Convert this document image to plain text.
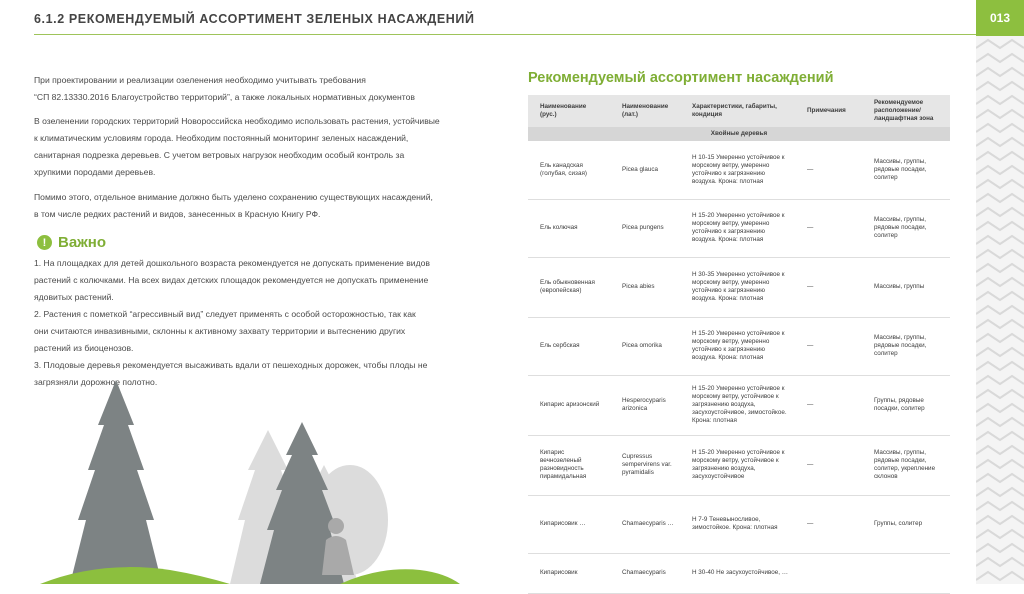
6.1.2 РЕКОМЕНДУЕМЫЙ АССОРТИМЕНТ ЗЕЛЕНЫХ НАСАЖДЕНИЙ	013
При проектировании и реализации озеленения необходимо учитывать требования
“СП 82.13330.2016 Благоустройство территорий”, а также локальных нормативных документов
В озеленении городских территорий Новороссийска необходимо использовать растения, устойчивые
к климатическим условиям города. Необходим постоянный мониторинг зеленых насаждений,
санитарная подрезка деревьев. С учетом ветровых нагрузок необходим особый контроль за
хрупкими породами деревьев.
Помимо этого, отдельное внимание должно быть уделено сохранению существующих насаждений,
в том числе редких растений и видов, занесенных в Красную Книгу РФ.
! Важно
1. На площадках для детей дошкольного возраста рекомендуется не допускать применение видов
растений с колючками. На всех видах детских площадок рекомендуется не допускать применение
ядовитых растений.
2. Растения с пометкой “агрессивный вид” следует применять с особой осторожностью, так как
они считаются инвазивными, склонны к активному захвату территории и вытеснению других
растений из биоценозов.
3. Плодовые деревья рекомендуется высаживать вдали от пешеходных дорожек, чтобы плоды не
загрязняли дорожное полотно.
Рекомендуемый ассортимент насаждений
Наименование (рус.)	Наименование (лат.)	Характеристики, габариты, кондиция	Примечания	Рекомендуемое расположение/ ландшафтная зона
Хвойные деревья				
Ель канадская (голубая, сизая)	Picea glauca	Н 10-15 Умеренно устойчивое к морскому ветру, умеренно устойчиво к загрязнению воздуха. Крона: плотная	—	Массивы, группы, рядовые посадки, солитер
Ель колючая	Picea pungens	Н 15-20 Умеренно устойчивое к морскому ветру, умеренно устойчиво к загрязнению воздуха. Крона: плотная	—	Массивы, группы, рядовые посадки, солитер
Ель обыкновенная (европейская)	Picea abies	Н 30-35 Умеренно устойчивое к морскому ветру, умеренно устойчиво к загрязнению воздуха. Крона: плотная	—	Массивы, группы
Ель сербская	Picea omorika	Н 15-20 Умеренно устойчивое к морскому ветру, умеренно устойчиво к загрязнению воздуха. Крона: плотная	—	Массивы, группы, рядовые посадки, солитер
Кипарис аризонский	Hesperocyparis arizonica	Н 15-20 Умеренно устойчивое к морскому ветру, устойчивое к загрязнению воздуха, засухоустойчивое, зимостойкое. Крона: плотная	—	Группы, рядовые посадки, солитер
Кипарис вечнозеленый разновидность пирамидальная	Cupressus sempervirens var. pyramidalis	Н 15-20 Умеренно устойчивое к морскому ветру, устойчивое к загрязнению воздуха, засухоустойчивое	—	Массивы, группы, рядовые посадки, солитер, укрепление склонов
Кипарисовик …	Chamaecyparis …	Н 7-9 Теневыносливое, зимостойкое. Крона: плотная	—	Группы, солитер
Кипарисовик	Chamaecyparis	Н 30-40 Не засухоустойчивое, …		
